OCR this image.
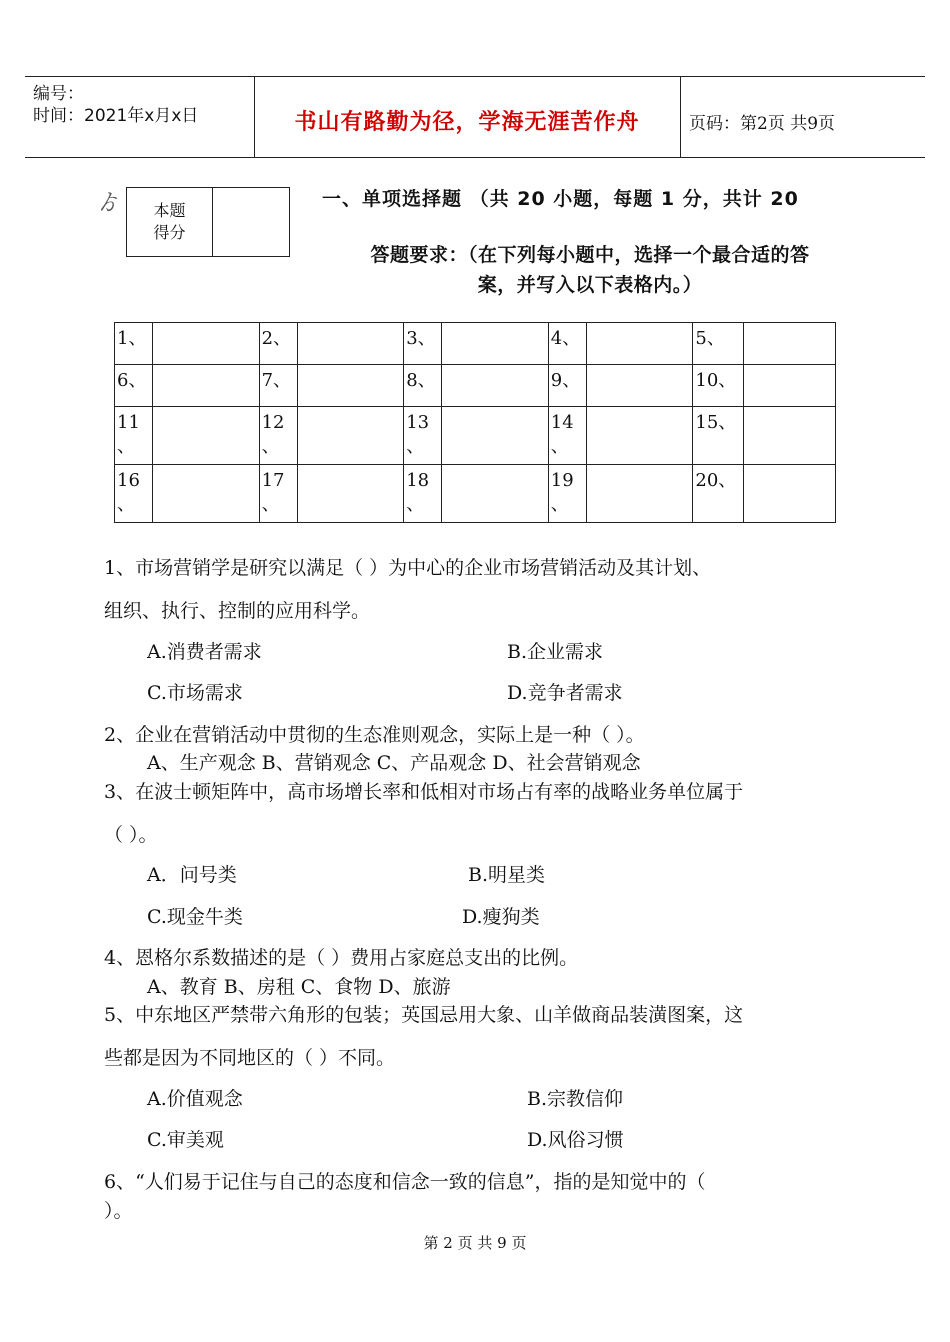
编号：
时间：2021年x月x日	书山有路勤为径，学海无涯苦作舟	页码：第2页 共9页
ゟ	本题
得分
一、单项选择题 （共 20 小题，每题 1 分，共计 20
答题要求：（在下列每小题中，选择一个最合适的答
案，并写入以下表格内。）
1、		2、		3、		4、		5、	
6、		7、		8、		9、		10、	
11
、		12
、		13
、		14
、		15、	
16
、		17
、		18
、		19
、		20、	
1、市场营销学是研究以满足（ ）为中心的企业市场营销活动及其计划、
组织、执行、控制的应用科学。
A.消费者需求	B.企业需求
C.市场需求	D.竞争者需求
2、企业在营销活动中贯彻的生态准则观念，实际上是一种（ ）。
A、生产观念 B、营销观念 C、产品观念 D、社会营销观念
3、在波士顿矩阵中，高市场增长率和低相对市场占有率的战略业务单位属于
（ ）。
A．问号类	B.明星类
C.现金牛类	D.瘦狗类
4、恩格尔系数描述的是（ ）费用占家庭总支出的比例。
A、教育 B、房租 C、食物 D、旅游
5、中东地区严禁带六角形的包装；英国忌用大象、山羊做商品装潢图案，这
些都是因为不同地区的（ ）不同。
A.价值观念	B.宗教信仰
C.审美观	D.风俗习惯
6、“人们易于记住与自己的态度和信念一致的信息”，指的是知觉中的（
）。
第 2 页 共 9 页
